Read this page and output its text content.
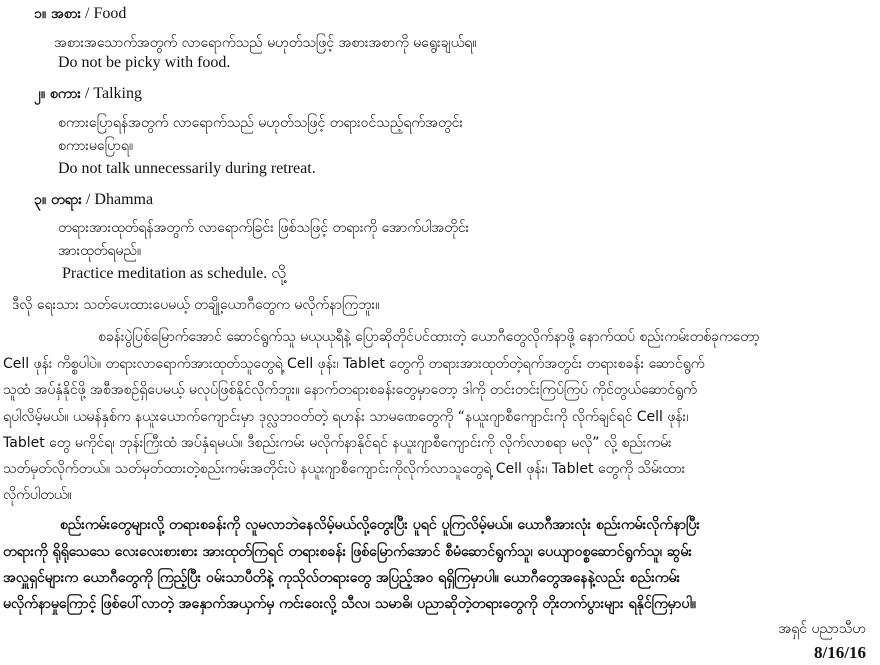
၁။ အစား / Food
အစားအသောက်အတွက် လာရောက်သည် မဟုတ်သဖြင့် အစားအစာကို မရွေးချယ်ရ။
Do not be picky with food.
၂။ စကား / Talking
စကားပြောရန်အတွက် လာရောက်သည် မဟုတ်သဖြင့် တရားဝင်သည့်ရက်အတွင်း
စကားမပြောရ။
Do not talk unnecessarily during retreat.
၃။ တရား / Dhamma
တရားအားထုတ်ရန်အတွက် လာရောက်ခြင်း ဖြစ်သဖြင့် တရားကို အောက်ပါအတိုင်း
အားထုတ်ရမည်။
Practice meditation as schedule. လို့
ဒီလို ရေးသား သတ်ပေးထားပေမယ့် တချို့ယောဂီတွေက မလိုက်နာကြဘူး။
စခန်းပွဲပြစ်မြောက်အောင် ဆောင်ရွက်သူ မယုယုရီနဲ့ ပြောဆိုတိုင်ပင်ထားတဲ့ ယောဂီတွေလိုက်နာဖို့ နောက်ထပ် စည်းကမ်းတစ်ခုကတော့
Cell ဖုန်း ကိစ္စပါပဲ။ တရားလာရောက်အားထုတ်သူတွေရဲ့ Cell ဖုန်း၊ Tablet တွေကို တရားအားထုတ်တဲ့ရက်အတွင်း တရားစခန်း ဆောင်ရွက်
သူထံ အပ်နှံနိုင်ဖို့ အစီအစဉ်ရှိပေမယ့် မလုပ်ဖြစ်နိုင်လိုက်ဘူး။ နောက်တရားစခန်းတွေမှာတော့ ဒါကို တင်းတင်းကြပ်ကြပ် ကိုင်တွယ်ဆောင်ရွက်
ရပါလိမ့်မယ်။ ယမန်နှစ်က နယူးယောက်ကျောင်းမှာ ဒုလ္လဘဝတ်တဲ့ ရဟန်း သာမဏေတွေကို “နယူးဂျာစီကျောင်းကို လိုက်ချင်ရင် Cell ဖုန်း၊
Tablet တွေ မကိုင်ရ၊ ဘုန်းကြီးထံ အပ်နှံရမယ်။ ဒီစည်းကမ်း မလိုက်နာနိုင်ရင် နယူးဂျာစီကျောင်းကို လိုက်လာစရာ မလို” လို့ စည်းကမ်း
သတ်မှတ်လိုက်တယ်။ သတ်မှတ်ထားတဲ့စည်းကမ်းအတိုင်းပဲ နယူးဂျာစီကျောင်းကိုလိုက်လာသူတွေရဲ့ Cell ဖုန်း၊ Tablet တွေကို သိမ်းထား
လိုက်ပါတယ်။
စည်းကမ်းတွေများလို့ တရားစခန်းကို လူမလာဘဲနေလိမ့်မယ်လို့တွေးပြီး ပူရင် ပူကြလိမ့်မယ်။ ယောဂီအားလုံး စည်းကမ်းလိုက်နာပြီး
တရားကို ရိုရိုသေသေ လေးလေးစားစား အားထုတ်ကြရင် တရားစခန်း ဖြစ်မြောက်အောင် စီမံဆောင်ရွက်သူ၊ ပေယျာဝစ္စဆောင်ရွက်သူ၊ ဆွမ်း
အလှူရှင်များက ယောဂီတွေကို ကြည့်ပြီး ဝမ်းသာပီတိနဲ့ ကုသိုလ်တရားတွေ အပြည့်အဝ ရရှိကြမှာပါ။ ယောဂီတွေအနေနဲ့လည်း စည်းကမ်း
မလိုက်နာမှုကြောင့် ဖြစ်ပေါ်လာတဲ့ အနှောက်အယှက်မှ ကင်းဝေးလို့ သီလ၊ သမာဓိ၊ ပညာဆိုတဲ့တရားတွေကို တိုးတက်ပွားများ ရနိုင်ကြမှာပါ။
အရှင် ပညာသီဟ
8/16/16
